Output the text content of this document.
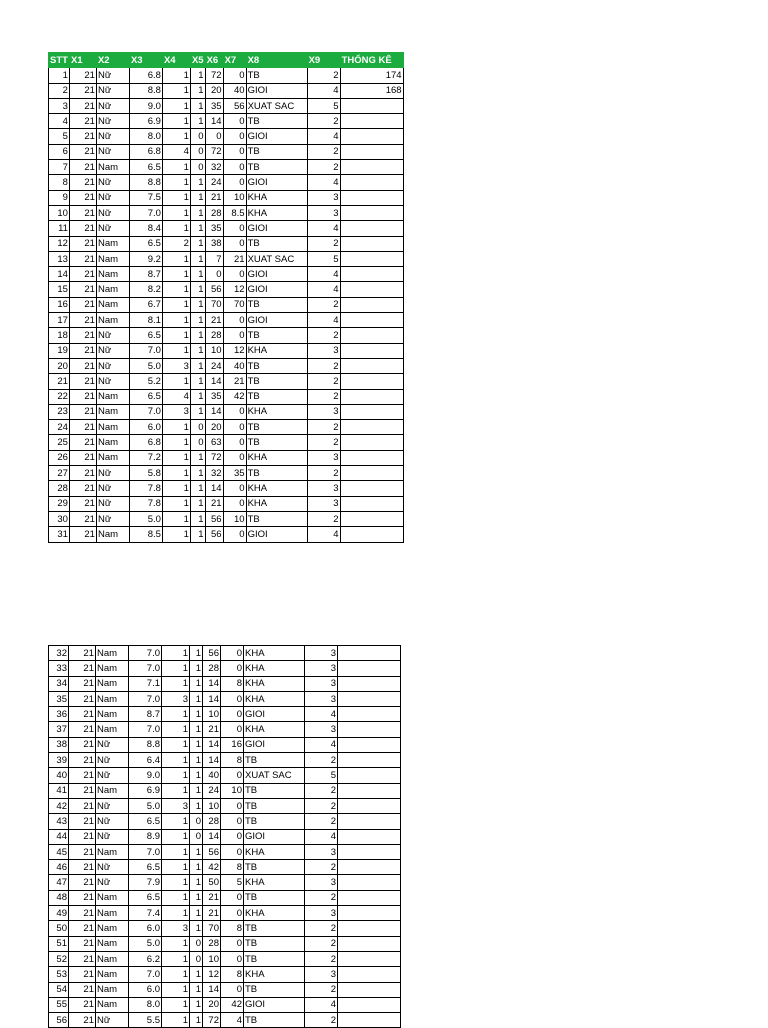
STT	X1	X2	X3	X4	X5	X6	X7	X8	X9	THỐNG KÊ
1	21	Nữ	6.8	1	1	72	0	TB	2	174
2	21	Nữ	8.8	1	1	20	40	GIOI	4	168
3	21	Nữ	9.0	1	1	35	56	XUAT SAC	5	
4	21	Nữ	6.9	1	1	14	0	TB	2	
5	21	Nữ	8.0	1	0	0	0	GIOI	4	
6	21	Nữ	6.8	4	0	72	0	TB	2	
7	21	Nam	6.5	1	0	32	0	TB	2	
8	21	Nữ	8.8	1	1	24	0	GIOI	4	
9	21	Nữ	7.5	1	1	21	10	KHA	3	
10	21	Nữ	7.0	1	1	28	8.5	KHA	3	
11	21	Nữ	8.4	1	1	35	0	GIOI	4	
12	21	Nam	6.5	2	1	38	0	TB	2	
13	21	Nam	9.2	1	1	7	21	XUAT SAC	5	
14	21	Nam	8.7	1	1	0	0	GIOI	4	
15	21	Nam	8.2	1	1	56	12	GIOI	4	
16	21	Nam	6.7	1	1	70	70	TB	2	
17	21	Nam	8.1	1	1	21	0	GIOI	4	
18	21	Nữ	6.5	1	1	28	0	TB	2	
19	21	Nữ	7.0	1	1	10	12	KHA	3	
20	21	Nữ	5.0	3	1	24	40	TB	2	
21	21	Nữ	5.2	1	1	14	21	TB	2	
22	21	Nam	6.5	4	1	35	42	TB	2	
23	21	Nam	7.0	3	1	14	0	KHA	3	
24	21	Nam	6.0	1	0	20	0	TB	2	
25	21	Nam	6.8	1	0	63	0	TB	2	
26	21	Nam	7.2	1	1	72	0	KHA	3	
27	21	Nữ	5.8	1	1	32	35	TB	2	
28	21	Nữ	7.8	1	1	14	0	KHA	3	
29	21	Nữ	7.8	1	1	21	0	KHA	3	
30	21	Nữ	5.0	1	1	56	10	TB	2	
31	21	Nam	8.5	1	1	56	0	GIOI	4	
32	21	Nam	7.0	1	1	56	0	KHA	3	
33	21	Nam	7.0	1	1	28	0	KHA	3	
34	21	Nam	7.1	1	1	14	8	KHA	3	
35	21	Nam	7.0	3	1	14	0	KHA	3	
36	21	Nam	8.7	1	1	10	0	GIOI	4	
37	21	Nam	7.0	1	1	21	0	KHA	3	
38	21	Nữ	8.8	1	1	14	16	GIOI	4	
39	21	Nữ	6.4	1	1	14	8	TB	2	
40	21	Nữ	9.0	1	1	40	0	XUAT SAC	5	
41	21	Nam	6.9	1	1	24	10	TB	2	
42	21	Nữ	5.0	3	1	10	0	TB	2	
43	21	Nữ	6.5	1	0	28	0	TB	2	
44	21	Nữ	8.9	1	0	14	0	GIOI	4	
45	21	Nam	7.0	1	1	56	0	KHA	3	
46	21	Nữ	6.5	1	1	42	8	TB	2	
47	21	Nữ	7.9	1	1	50	5	KHA	3	
48	21	Nam	6.5	1	1	21	0	TB	2	
49	21	Nam	7.4	1	1	21	0	KHA	3	
50	21	Nam	6.0	3	1	70	8	TB	2	
51	21	Nam	5.0	1	0	28	0	TB	2	
52	21	Nam	6.2	1	0	10	0	TB	2	
53	21	Nam	7.0	1	1	12	8	KHA	3	
54	21	Nam	6.0	1	1	14	0	TB	2	
55	21	Nam	8.0	1	1	20	42	GIOI	4	
56	21	Nữ	5.5	1	1	72	4	TB	2	
